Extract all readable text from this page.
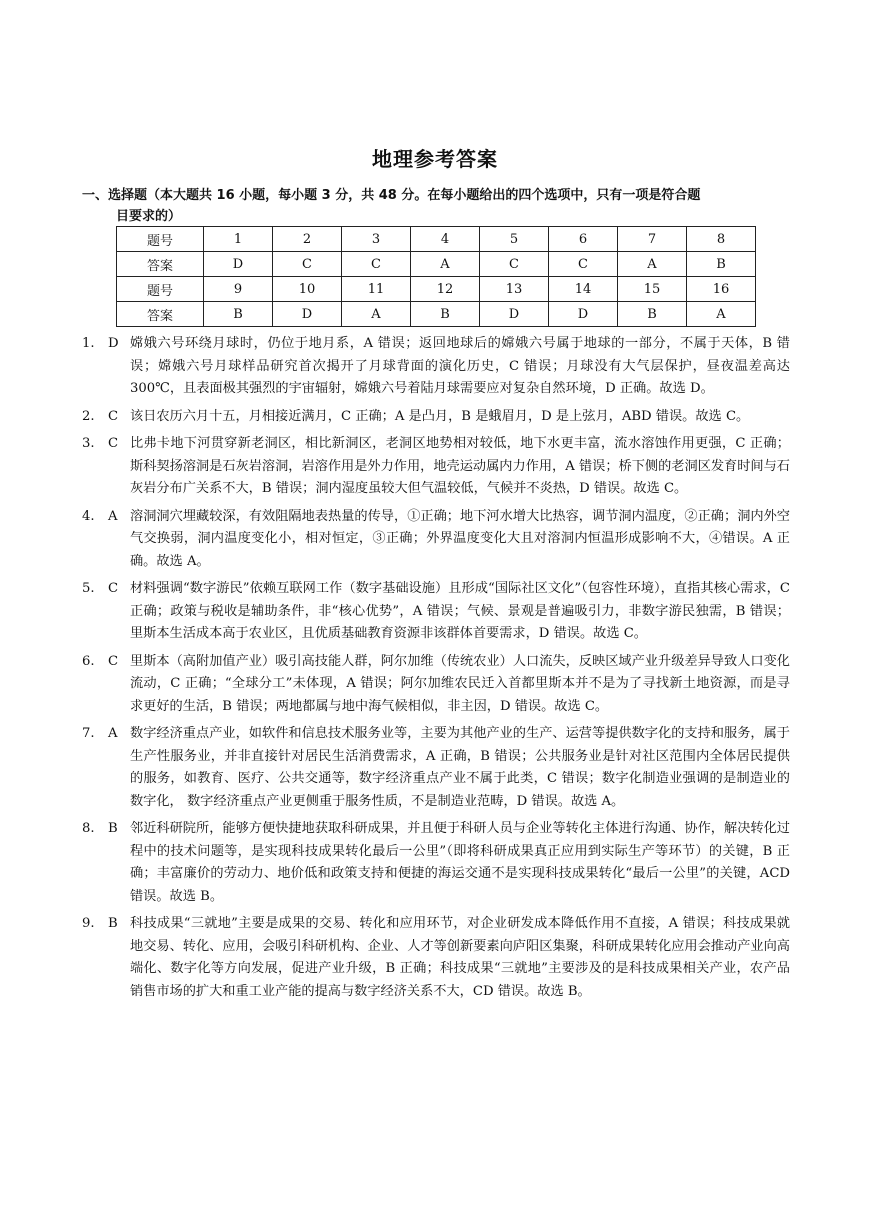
地理参考答案
一、选择题（本大题共 16 小题，每小题 3 分，共 48 分。在每小题给出的四个选项中，只有一项是符合题
目要求的）
题号	1	2	3	4	5	6	7	8
答案	D	C	C	A	C	C	A	B
题号	9	10	11	12	13	14	15	16
答案	B	D	A	B	D	D	B	A
1.	D 嫦娥六号环绕月球时，仍位于地月系，A 错误；返回地球后的嫦娥六号属于地球的一部分，不属于天体，B 错误；嫦娥六号月球样品研究首次揭开了月球背面的演化历史，C 错误；月球没有大气层保护，昼夜温差高达 300℃，且表面极其强烈的宇宙辐射，嫦娥六号着陆月球需要应对复杂自然环境，D 正确。故选 D。
2.	C 该日农历六月十五，月相接近满月，C 正确；A 是凸月，B 是蛾眉月，D 是上弦月，ABD 错误。故选 C。
3.	C 比弗卡地下河贯穿新老洞区，相比新洞区，老洞区地势相对较低，地下水更丰富，流水溶蚀作用更强，C 正确；斯科契扬溶洞是石灰岩溶洞，岩溶作用是外力作用，地壳运动属内力作用，A 错误；桥下侧的老洞区发育时间与石灰岩分布广关系不大，B 错误；洞内湿度虽较大但气温较低，气候并不炎热，D 错误。故选 C。
4.	A 溶洞洞穴埋藏较深，有效阻隔地表热量的传导，①正确；地下河水增大比热容，调节洞内温度，②正确；洞内外空气交换弱，洞内温度变化小，相对恒定，③正确；外界温度变化大且对溶洞内恒温形成影响不大，④错误。A 正确。故选 A。
5.	C 材料强调“数字游民”依赖互联网工作（数字基础设施）且形成“国际社区文化”（包容性环境），直指其核心需求，C 正确；政策与税收是辅助条件，非“核心优势”，A 错误；气候、景观是普遍吸引力，非数字游民独需，B 错误；里斯本生活成本高于农业区，且优质基础教育资源非该群体首要需求，D 错误。故选 C。
6.	C 里斯本（高附加值产业）吸引高技能人群，阿尔加维（传统农业）人口流失，反映区域产业升级差异导致人口变化流动，C 正确；“全球分工”未体现，A 错误；阿尔加维农民迁入首都里斯本并不是为了寻找新土地资源，而是寻求更好的生活，B 错误；两地都属与地中海气候相似，非主因，D 错误。故选 C。
7.	A 数字经济重点产业，如软件和信息技术服务业等，主要为其他产业的生产、运营等提供数字化的支持和服务，属于生产性服务业，并非直接针对居民生活消费需求，A 正确，B 错误；公共服务业是针对社区范围内全体居民提供的服务，如教育、医疗、公共交通等，数字经济重点产业不属于此类，C 错误；数字化制造业强调的是制造业的数字化， 数字经济重点产业更侧重于服务性质，不是制造业范畴，D 错误。故选 A。
8.	B 邻近科研院所，能够方便快捷地获取科研成果，并且便于科研人员与企业等转化主体进行沟通、协作，解决转化过程中的技术问题等，是实现科技成果转化最后一公里”（即将科研成果真正应用到实际生产等环节）的关键，B 正确；丰富廉价的劳动力、地价低和政策支持和便捷的海运交通不是实现科技成果转化“最后一公里”的关键，ACD 错误。故选 B。
9.	B 科技成果“三就地”主要是成果的交易、转化和应用环节，对企业研发成本降低作用不直接，A 错误；科技成果就地交易、转化、应用，会吸引科研机构、企业、人才等创新要素向庐阳区集聚，科研成果转化应用会推动产业向高端化、数字化等方向发展，促进产业升级，B 正确；科技成果“三就地”主要涉及的是科技成果相关产业，农产品销售市场的扩大和重工业产能的提高与数字经济关系不大，CD 错误。故选 B。
